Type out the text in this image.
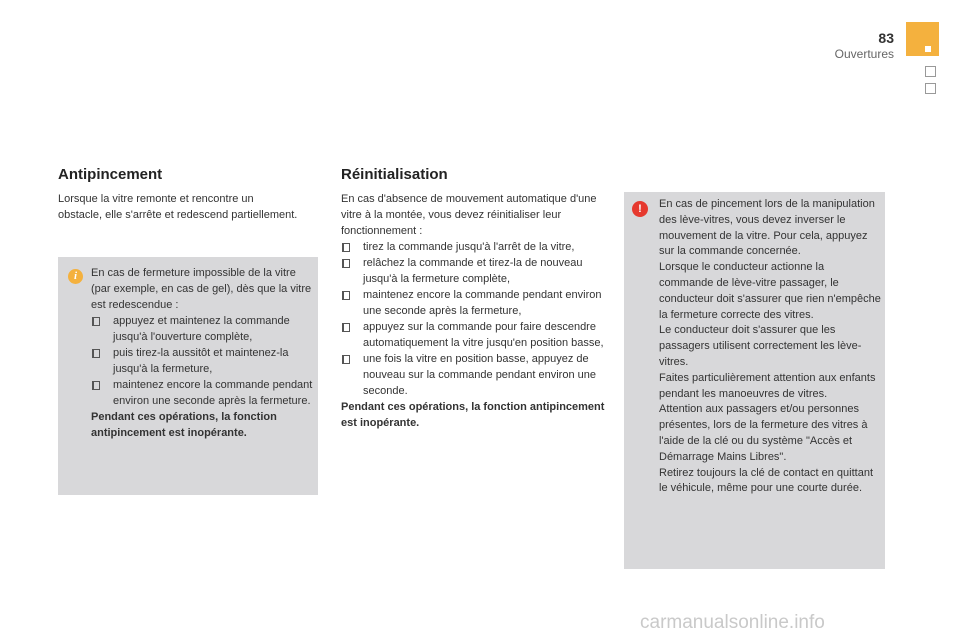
83
Ouvertures
Antipincement

Lorsque la vitre remonte et rencontre un obstacle, elle s'arrête et redescend partiellement.

i	En cas de fermeture impossible de la vitre (par exemple, en cas de gel), dès que la vitre est redescendue :

appuyez et maintenez la commande jusqu'à l'ouverture complète,
puis tirez-la aussitôt et maintenez-la jusqu'à la fermeture,
maintenez encore la commande pendant environ une seconde après la fermeture.

Pendant ces opérations, la fonction antipincement est inopérante.

Réinitialisation

En cas d'absence de mouvement automatique d'une vitre à la montée, vous devez réinitialiser leur fonctionnement :

tirez la commande jusqu'à l'arrêt de la vitre,
relâchez la commande et tirez-la de nouveau jusqu'à la fermeture complète,
maintenez encore la commande pendant environ une seconde après la fermeture,
appuyez sur la commande pour faire descendre automatiquement la vitre jusqu'en position basse,
une fois la vitre en position basse, appuyez de nouveau sur la commande pendant environ une seconde.

Pendant ces opérations, la fonction antipincement est inopérante.

!	En cas de pincement lors de la manipulation des lève-vitres, vous devez inverser le mouvement de la vitre. Pour cela, appuyez sur la commande concernée.

Lorsque le conducteur actionne la commande de lève-vitre passager, le conducteur doit s'assurer que rien n'empêche la fermeture correcte des vitres.

Le conducteur doit s'assurer que les passagers utilisent correctement les lève-vitres.

Faites particulièrement attention aux enfants pendant les manoeuvres de vitres.

Attention aux passagers et/ou personnes présentes, lors de la fermeture des vitres à l'aide de la clé ou du système "Accès et Démarrage Mains Libres".

Retirez toujours la clé de contact en quittant le véhicule, même pour une courte durée.

carmanualsonline.info
